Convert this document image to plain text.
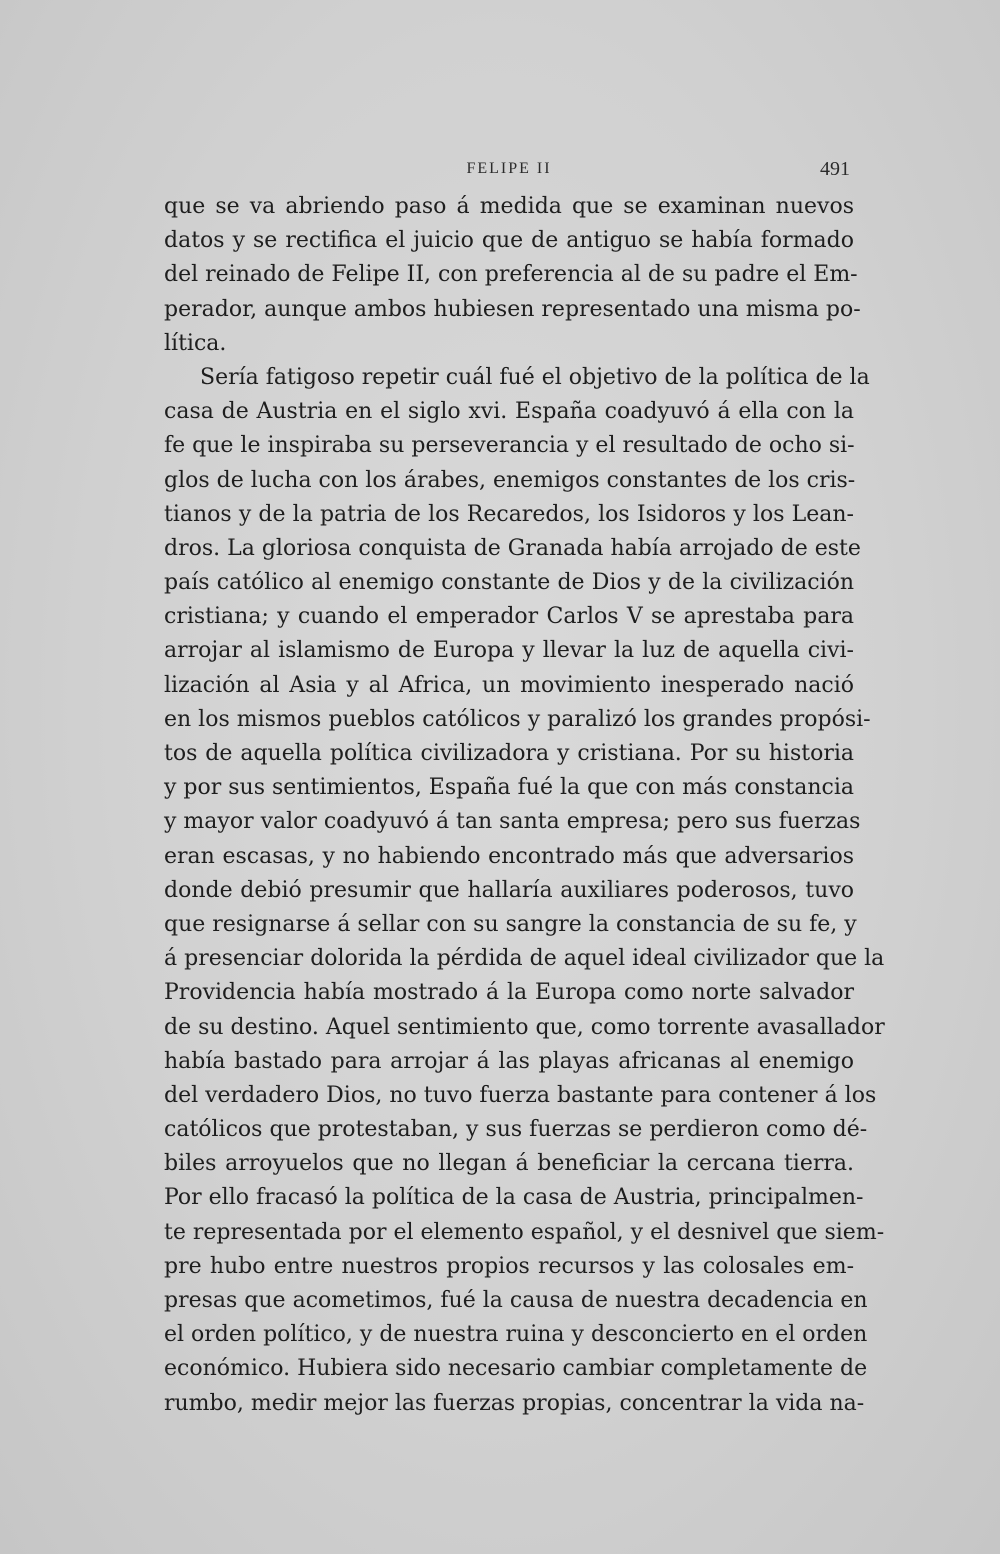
FELIPE II	491
que se va abriendo paso á medida que se examinan nuevos
datos y se rectifica el juicio que de antiguo se había formado
del reinado de Felipe II, con preferencia al de su padre el Em-
perador, aunque ambos hubiesen representado una misma po-
lítica.
Sería fatigoso repetir cuál fué el objetivo de la política de la
casa de Austria en el siglo xvi. España coadyuvó á ella con la
fe que le inspiraba su perseverancia y el resultado de ocho si-
glos de lucha con los árabes, enemigos constantes de los cris-
tianos y de la patria de los Recaredos, los Isidoros y los Lean-
dros. La gloriosa conquista de Granada había arrojado de este
país católico al enemigo constante de Dios y de la civilización
cristiana; y cuando el emperador Carlos V se aprestaba para
arrojar al islamismo de Europa y llevar la luz de aquella civi-
lización al Asia y al Africa, un movimiento inesperado nació
en los mismos pueblos católicos y paralizó los grandes propósi-
tos de aquella política civilizadora y cristiana. Por su historia
y por sus sentimientos, España fué la que con más constancia
y mayor valor coadyuvó á tan santa empresa; pero sus fuerzas
eran escasas, y no habiendo encontrado más que adversarios
donde debió presumir que hallaría auxiliares poderosos, tuvo
que resignarse á sellar con su sangre la constancia de su fe, y
á presenciar dolorida la pérdida de aquel ideal civilizador que la
Providencia había mostrado á la Europa como norte salvador
de su destino. Aquel sentimiento que, como torrente avasallador
había bastado para arrojar á las playas africanas al enemigo
del verdadero Dios, no tuvo fuerza bastante para contener á los
católicos que protestaban, y sus fuerzas se perdieron como dé-
biles arroyuelos que no llegan á beneficiar la cercana tierra.
Por ello fracasó la política de la casa de Austria, principalmen-
te representada por el elemento español, y el desnivel que siem-
pre hubo entre nuestros propios recursos y las colosales em-
presas que acometimos, fué la causa de nuestra decadencia en
el orden político, y de nuestra ruina y desconcierto en el orden
económico. Hubiera sido necesario cambiar completamente de
rumbo, medir mejor las fuerzas propias, concentrar la vida na-
